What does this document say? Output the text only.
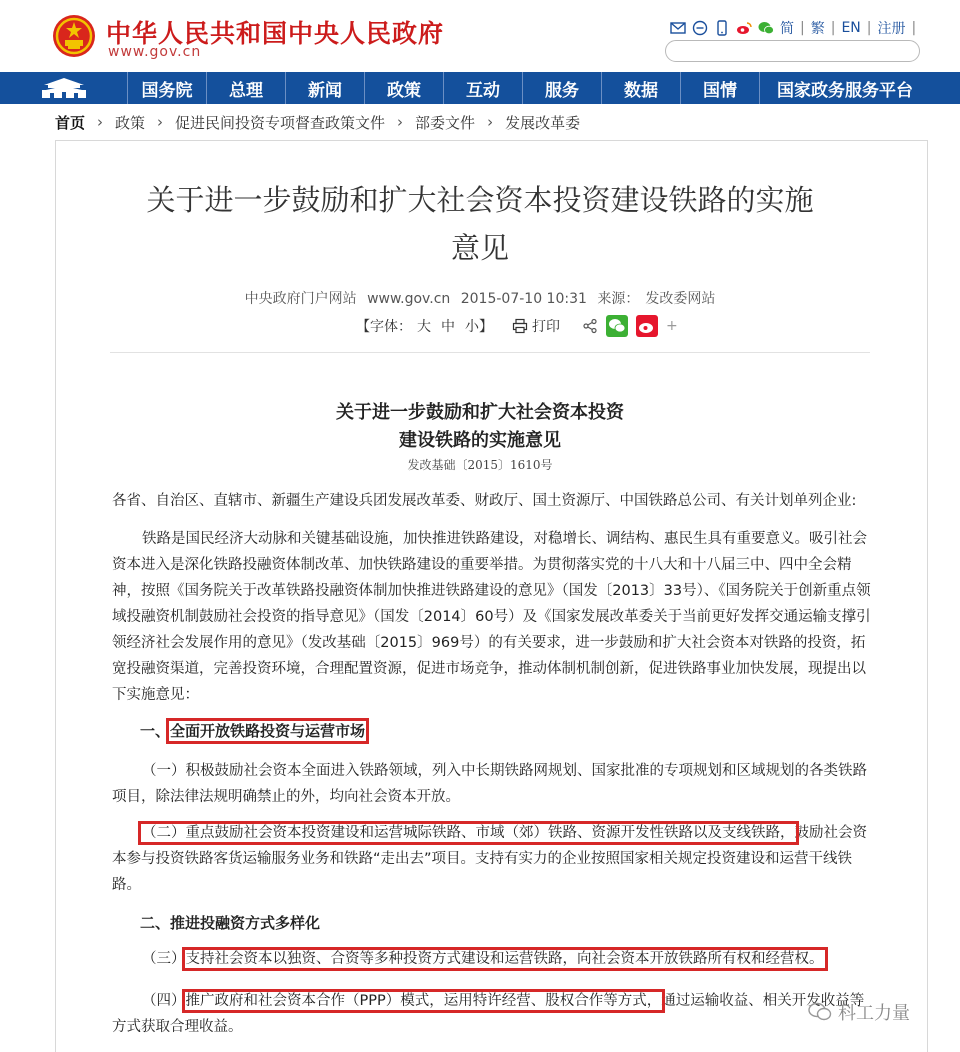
中华人民共和国中央人民政府
www.gov.cn
简 | 繁 | EN | 注册 |
国务院	总理	新闻	政策	互动	服务	数据	国情	国家政务服务平台
首页 › 政策 › 促进民间投资专项督查政策文件 › 部委文件 › 发展改革委
关于进一步鼓励和扩大社会资本投资建设铁路的实施
意见
中央政府门户网站 www.gov.cn 2015-07-10 10:31 来源： 发改委网站
【字体： 大 中 小】	打印	+
关于进一步鼓励和扩大社会资本投资
建设铁路的实施意见
发改基础〔2015〕1610号
各省、自治区、直辖市、新疆生产建设兵团发展改革委、财政厅、国土资源厅、中国铁路总公司、有关计划单列企业:
铁路是国民经济大动脉和关键基础设施，加快推进铁路建设，对稳增长、调结构、惠民生具有重要意义。吸引社会资本进入是深化铁路投融资体制改革、加快铁路建设的重要举措。为贯彻落实党的十八大和十八届三中、四中全会精神，按照《国务院关于改革铁路投融资体制加快推进铁路建设的意见》（国发〔2013〕33号）、《国务院关于创新重点领域投融资机制鼓励社会投资的指导意见》（国发〔2014〕60号）及《国家发展改革委关于当前更好发挥交通运输支撑引领经济社会发展作用的意见》（发改基础〔2015〕969号）的有关要求，进一步鼓励和扩大社会资本对铁路的投资，拓宽投融资渠道，完善投资环境，合理配置资源，促进市场竞争，推动体制机制创新，促进铁路事业加快发展，现提出以下实施意见：
一、全面开放铁路投资与运营市场
（一）积极鼓励社会资本全面进入铁路领域，列入中长期铁路网规划、国家批准的专项规划和区域规划的各类铁路项目，除法律法规明确禁止的外，均向社会资本开放。
（二）重点鼓励社会资本投资建设和运营城际铁路、市域（郊）铁路、资源开发性铁路以及支线铁路，鼓励社会资本参与投资铁路客货运输服务业务和铁路“走出去”项目。支持有实力的企业按照国家相关规定投资建设和运营干线铁路。
二、推进投融资方式多样化
（三）支持社会资本以独资、合资等多种投资方式建设和运营铁路，向社会资本开放铁路所有权和经营权。
（四）推广政府和社会资本合作（PPP）模式，运用特许经营、股权合作等方式，通过运输收益、相关开发收益等方式获取合理收益。
科工力量
